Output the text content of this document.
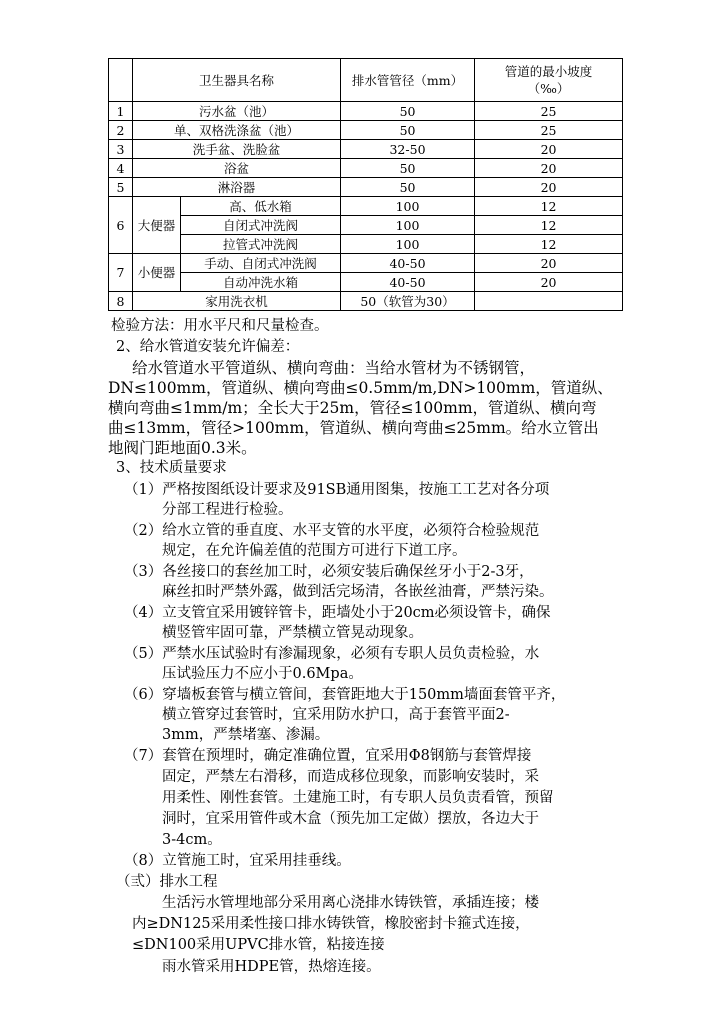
	卫生器具名称		排水管管径（mm）	管道的最小坡度
（‰）

1	污水盆（池）		50	25
2	单、双格洗涤盆（池）		50	25
3	洗手盆、洗脸盆		32-50	20
4	浴盆		50	20
5	淋浴器		50	20
6	大便器	高、低水箱	100	12
		自闭式冲洗阀	100	12
		拉管式冲洗阀	100	12
7	小便器	手动、自闭式冲洗阀	40-50	20
		自动冲洗水箱	40-50	20
8	家用洗衣机		50（软管为30）	
检验方法：用水平尺和尺量检查。
2、给水管道安装允许偏差：
给水管道水平管道纵、横向弯曲：当给水管材为不锈钢管，
DN≤100mm，管道纵、横向弯曲≤0.5mm/m,DN>100mm，管道纵、
横向弯曲≤1mm/m；全长大于25m，管径≤100mm，管道纵、横向弯
曲≤13mm，管径>100mm，管道纵、横向弯曲≤25mm。给水立管出
地阀门距地面0.3米。
3、技术质量要求
（1）严格按图纸设计要求及91SB通用图集，按施工工艺对各分项
分部工程进行检验。
（2）给水立管的垂直度、水平支管的水平度，必须符合检验规范
规定，在允许偏差值的范围方可进行下道工序。
（3）各丝接口的套丝加工时，必须安装后确保丝牙小于2-3牙，
麻丝扣时严禁外露，做到活完场清，各嵌丝油膏，严禁污染。
（4）立支管宜采用镀锌管卡，距墙处小于20cm必须设管卡，确保
横竖管牢固可靠，严禁横立管晃动现象。
（5）严禁水压试验时有渗漏现象，必须有专职人员负责检验，水
压试验压力不应小于0.6Mpa。
（6）穿墙板套管与横立管间，套管距地大于150mm墙面套管平齐，
横立管穿过套管时，宜采用防水护口，高于套管平面2-
3mm，严禁堵塞、渗漏。
（7）套管在预埋时，确定准确位置，宜采用Φ8钢筋与套管焊接
固定，严禁左右滑移，而造成移位现象，而影响安装时，采
用柔性、刚性套管。土建施工时，有专职人员负责看管，预留
洞时，宜采用管件或木盒（预先加工定做）摆放，各边大于
3-4cm。
（8）立管施工时，宜采用挂垂线。
（弎）排水工程
生活污水管埋地部分采用离心浇排水铸铁管，承插连接；楼
内≥DN125采用柔性接口排水铸铁管，橡胶密封卡箍式连接，
≤DN100采用UPVC排水管，粘接连接
雨水管采用HDPE管，热熔连接。
